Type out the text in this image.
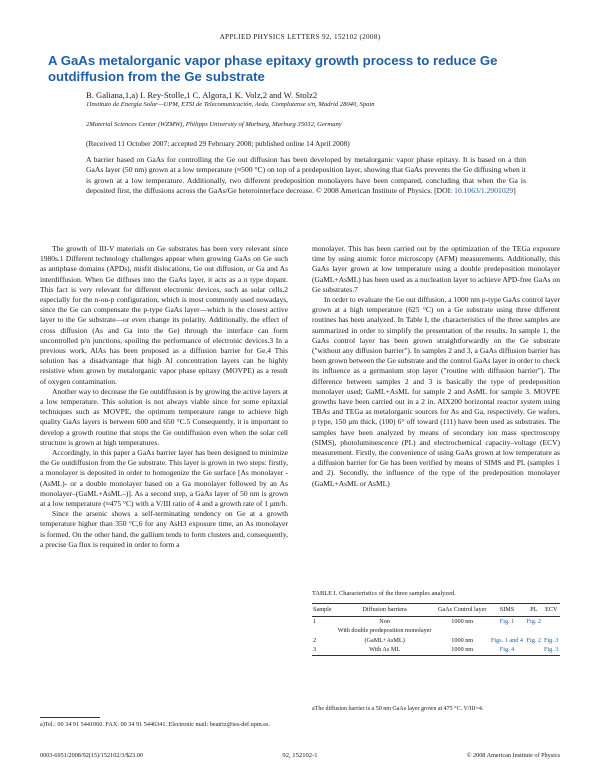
APPLIED PHYSICS LETTERS 92, 152102 (2008)
A GaAs metalorganic vapor phase epitaxy growth process to reduce Ge outdiffusion from the Ge substrate
B. Galiana,1,a) I. Rey-Stolle,1 C. Algora,1 K. Volz,2 and W. Stolz2
1Instituto de Energía Solar—UPM, ETSI de Telecomunicación, Avda. Complutense s/n, Madrid 28040, Spain
2Material Sciences Center (WZMW), Philipps University of Marburg, Marburg 35032, Germany
(Received 11 October 2007; accepted 29 February 2008; published online 14 April 2008)
A barrier based on GaAs for controlling the Ge out diffusion has been developed by metalorganic vapor phase epitaxy. It is based on a thin GaAs layer (50 nm) grown at a low temperature (≈500 °C) on top of a predeposition layer, showing that GaAs prevents the Ge diffusing when it is grown at a low temperature. Additionally, two different predeposition monolayers have been compared, concluding that when the Ga is deposited first, the diffusions across the GaAs/Ge heterointerface decrease. © 2008 American Institute of Physics. [DOI: 10.1063/1.2901029]

The growth of III-V materials on Ge substrates has been very relevant since 1980s.1 Different technology challenges appear when growing GaAs on Ge such as antiphase domains (APDs), misfit dislocations, Ge out diffusion, or Ga and As interdiffusion. When Ge diffuses into the GaAs layer, it acts as a n type dopant. This fact is very relevant for different electronic devices, such as solar cells,2 especially for the n-on-p configuration, which is most commonly used nowadays, since the Ge can compensate the p-type GaAs layer—which is the closest active layer to the Ge substrate—or even change its polarity. Additionally, the effect of cross diffusion (As and Ga into the Ge) through the interface can form uncontrolled p/n junctions, spoiling the performance of electronic devices.3 In a previous work, AlAs has been proposed as a diffusion barrier for Ge.4 This solution has a disadvantage that high Al concentration layers can be highly resistive when grown by metalorganic vapor phase epitaxy (MOVPE) as a result of oxygen contamination.

Another way to decrease the Ge outdiffusion is by growing the active layers at a low temperature. This solution is not always viable since for some epitaxial techniques such as MOVPE, the optimum temperature range to achieve high quality GaAs layers is between 600 and 650 °C.5 Consequently, it is important to develop a growth routine that stops the Ge outdiffusion even when the solar cell structure is grown at high temperatures.

Accordingly, in this paper a GaAs barrier layer has been designed to minimize the Ge outdiffusion from the Ge substrate. This layer is grown in two steps: firstly, a monolayer is deposited in order to homogenize the Ge surface [As monolayer -(AsML)- or a double monolayer based on a Ga monolayer followed by an As monolayer–(GaML+AsML–)]. As a second step, a GaAs layer of 50 nm is grown at a low temperature (≈475 °C) with a V/III ratio of 4 and a growth rate of 1 μm/h.

Since the arsenic shows a self-terminating tendency on Ge at a growth temperature higher than 350 °C,6 for any AsH3 exposure time, an As monolayer is formed. On the other hand, the gallium tends to form clusters and, consequently, a precise Ga flux is required in order to form a

a)Tel.: 00 34 91 5441060. FAX: 00 34 91 5446341. Electronic mail: beatriz@ies-def.upm.es.

monolayer. This has been carried out by the optimization of the TEGa exposure time by using atomic force microscopy (AFM) measurements. Additionally, this GaAs layer grown at low temperature using a double predeposition monolayer (GaML+AsML) has been used as a nucleation layer to achieve APD-free GaAs on Ge substrates.7

In order to evaluate the Ge out diffusion, a 1000 nm p-type GaAs control layer grown at a high temperature (625 °C) on a Ge substrate using three different routines has been analyzed. In Table I, the characteristics of the three samples are summarized in order to simplify the presentation of the results. In sample 1, the GaAs control layer has been grown straightforwardly on the Ge substrate ("without any diffusion barrier"). In samples 2 and 3, a GaAs diffusion barrier has been grown between the Ge substrate and the control GaAs layer in order to check its influence as a germanium stop layer ("routine with diffusion barrier"). The difference between samples 2 and 3 is basically the type of predeposition monolayer used; GaML+AsML for sample 2 and AsML for sample 3. MOVPE growths have been carried out in a 2 in. AIX200 horizontal reactor system using TBAs and TEGa as metalorganic sources for As and Ga, respectively. Ge wafers, p type, 150 μm thick, (100) 6° off toward (111) have been used as substrates. The samples have been analyzed by means of secondary ion mass spectroscopy (SIMS), photoluminescence (PL) and electrochemical capacity–voltage (ECV) measurement. Firstly, the convenience of using GaAs grown at low temperature as a diffusion barrier for Ge has been verified by means of SIMS and PL (samples 1 and 2). Secondly, the influence of the type of the predeposition monolayer (GaML+AsML or AsML)

TABLE I. Characteristics of the three samples analyzed.
Sample	Diffusion barriera	GaAs Control layer	SIMS	PL	ECV
1	Non	1000 nm	Fig. 1	Fig. 2	
	With double predeposition monolayer				
2	(GaML+AsML)	1000 nm	Figs. 1 and 4	Fig. 2	Fig. 3
3	With As ML	1000 nm	Fig. 4		Fig. 3
aThe diffusion barrier is a 50 nm GaAs layer grown at 475 °C. V/III=4.
0003-6951/2008/92(15)/152102/3/$23.00	92, 152102-1	© 2008 American Institute of Physics
